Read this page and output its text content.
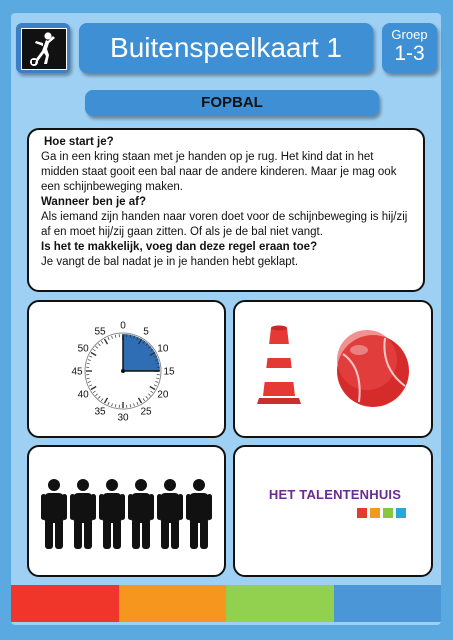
Buitenspeelkaart 1	Groep
1-3
FOPBAL
Hoe start je?
Ga in een kring staan met je handen op je rug. Het kind dat in het midden staat gooit een bal naar de andere kinderen. Maar je mag ook een schijnbeweging maken.
Wanneer ben je af?
Als iemand zijn handen naar voren doet voor de schijnbeweging is hij/zij af en moet hij/zij gaan zitten. Of als je de bal niet vangt.
Is het te makkelijk, voeg dan deze regel eraan toe?
Je vangt de bal nadat je in je handen hebt geklapt.
0
5
10
15
20
25
30
35
40
45
50
55
HET TALENTENHUIS
